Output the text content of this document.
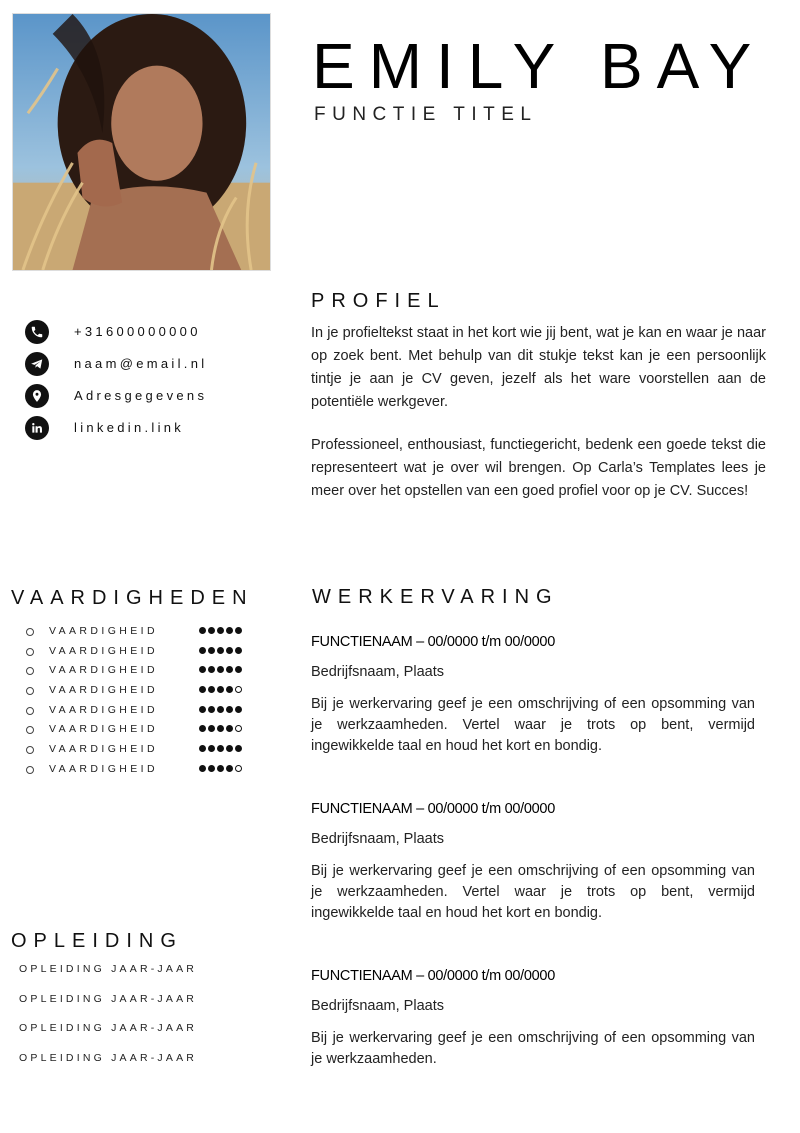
EMILY BAY
FUNCTIE TITEL
+31600000000
naam@email.nl
Adresgegevens
linkedin.link
PROFIEL

In je profieltekst staat in het kort wie jij bent, wat je kan en waar je naar op zoek bent. Met behulp van dit stukje tekst kan je een persoonlijk tintje je aan je CV geven, jezelf als het ware voorstellen aan de potentiële werkgever.

Professioneel, enthousiast, functiegericht, bedenk een goede tekst die representeert wat je over wil brengen. Op Carla’s Templates lees je meer over het opstellen van een goed profiel voor op je CV. Succes!

VAARDIGHEDEN
VAARDIGHEID
VAARDIGHEID
VAARDIGHEID
VAARDIGHEID
VAARDIGHEID
VAARDIGHEID
VAARDIGHEID
VAARDIGHEID
OPLEIDING
OPLEIDING JAAR-JAAR
OPLEIDING JAAR-JAAR
OPLEIDING JAAR-JAAR
OPLEIDING JAAR-JAAR
WERKERVARING
FUNCTIENAAM – 00/0000 t/m 00/0000
Bedrijfsnaam, Plaats
Bij je werkervaring geef je een omschrijving of een opsomming van je werkzaamheden. Vertel waar je trots op bent, vermijd ingewikkelde taal en houd het kort en bondig.
FUNCTIENAAM – 00/0000 t/m 00/0000
Bedrijfsnaam, Plaats
Bij je werkervaring geef je een omschrijving of een opsomming van je werkzaamheden. Vertel waar je trots op bent, vermijd ingewikkelde taal en houd het kort en bondig.
FUNCTIENAAM – 00/0000 t/m 00/0000
Bedrijfsnaam, Plaats
Bij je werkervaring geef je een omschrijving of een opsomming van je werkzaamheden.
